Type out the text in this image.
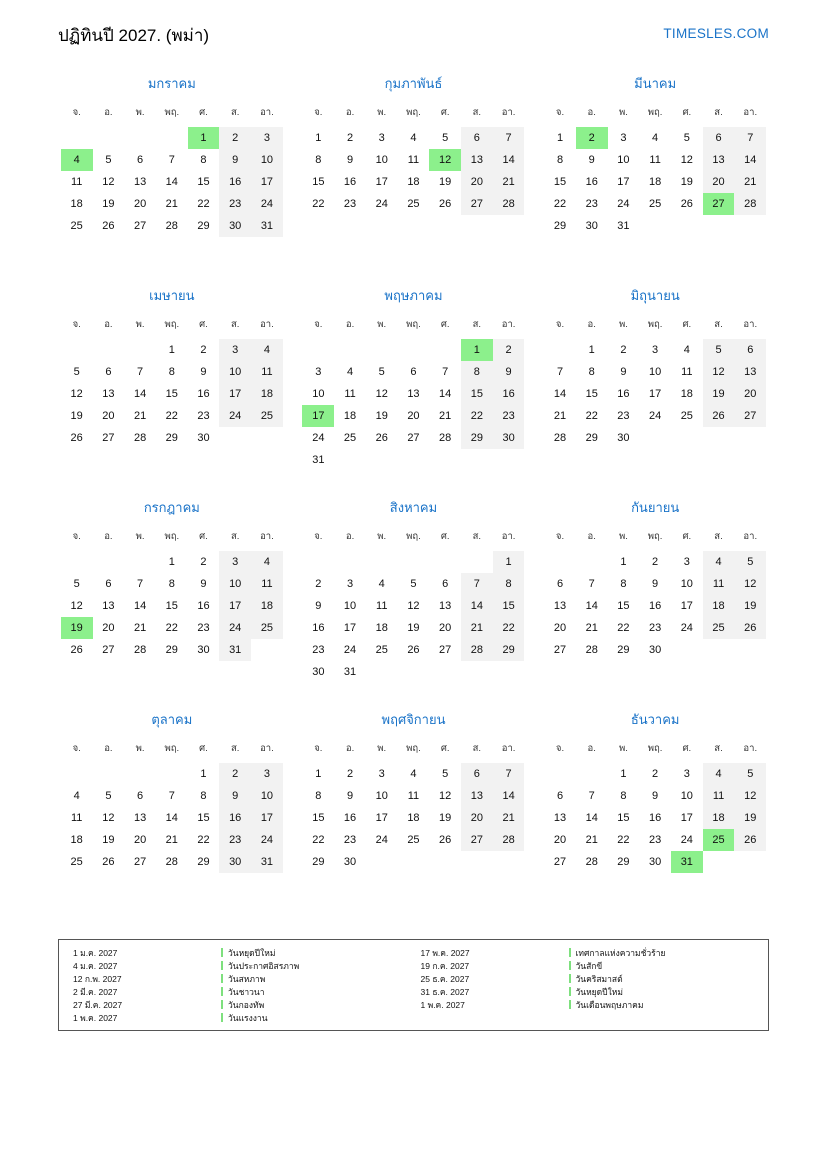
ปฏิทินปี 2027. (พม่า)	TIMESLES.COM
มกราคม
จ.	อ.	พ.	พฤ.	ศ.	ส.	อา.
				1	2	3
4	5	6	7	8	9	10
11	12	13	14	15	16	17
18	19	20	21	22	23	24
25	26	27	28	29	30	31
กุมภาพันธ์
จ.	อ.	พ.	พฤ.	ศ.	ส.	อา.
1	2	3	4	5	6	7
8	9	10	11	12	13	14
15	16	17	18	19	20	21
22	23	24	25	26	27	28
มีนาคม
จ.	อ.	พ.	พฤ.	ศ.	ส.	อา.
1	2	3	4	5	6	7
8	9	10	11	12	13	14
15	16	17	18	19	20	21
22	23	24	25	26	27	28
29	30	31				
เมษายน
จ.	อ.	พ.	พฤ.	ศ.	ส.	อา.
			1	2	3	4
5	6	7	8	9	10	11
12	13	14	15	16	17	18
19	20	21	22	23	24	25
26	27	28	29	30		
พฤษภาคม
จ.	อ.	พ.	พฤ.	ศ.	ส.	อา.
					1	2
3	4	5	6	7	8	9
10	11	12	13	14	15	16
17	18	19	20	21	22	23
24	25	26	27	28	29	30
31						
มิถุนายน
จ.	อ.	พ.	พฤ.	ศ.	ส.	อา.
	1	2	3	4	5	6
7	8	9	10	11	12	13
14	15	16	17	18	19	20
21	22	23	24	25	26	27
28	29	30				
กรกฎาคม
จ.	อ.	พ.	พฤ.	ศ.	ส.	อา.
			1	2	3	4
5	6	7	8	9	10	11
12	13	14	15	16	17	18
19	20	21	22	23	24	25
26	27	28	29	30	31	
สิงหาคม
จ.	อ.	พ.	พฤ.	ศ.	ส.	อา.
						1
2	3	4	5	6	7	8
9	10	11	12	13	14	15
16	17	18	19	20	21	22
23	24	25	26	27	28	29
30	31					
กันยายน
จ.	อ.	พ.	พฤ.	ศ.	ส.	อา.
		1	2	3	4	5
6	7	8	9	10	11	12
13	14	15	16	17	18	19
20	21	22	23	24	25	26
27	28	29	30			
ตุลาคม
จ.	อ.	พ.	พฤ.	ศ.	ส.	อา.
				1	2	3
4	5	6	7	8	9	10
11	12	13	14	15	16	17
18	19	20	21	22	23	24
25	26	27	28	29	30	31
พฤศจิกายน
จ.	อ.	พ.	พฤ.	ศ.	ส.	อา.
1	2	3	4	5	6	7
8	9	10	11	12	13	14
15	16	17	18	19	20	21
22	23	24	25	26	27	28
29	30					
ธันวาคม
จ.	อ.	พ.	พฤ.	ศ.	ส.	อา.
		1	2	3	4	5
6	7	8	9	10	11	12
13	14	15	16	17	18	19
20	21	22	23	24	25	26
27	28	29	30	31		
1 ม.ค. 2027	วันหยุดปีใหม่
4 ม.ค. 2027	วันประกาศอิสรภาพ
12 ก.พ. 2027	วันสหภาพ
2 มี.ค. 2027	วันชาวนา
27 มี.ค. 2027	วันกองทัพ
1 พ.ค. 2027	วันแรงงาน
17 พ.ค. 2027	เทศกาลแห่งความชั่วร้าย
19 ก.ค. 2027	วันสักขี
25 ธ.ค. 2027	วันคริสมาสต์
31 ธ.ค. 2027	วันหยุดปีใหม่
1 พ.ค. 2027	วันเดือนพฤษภาคม
